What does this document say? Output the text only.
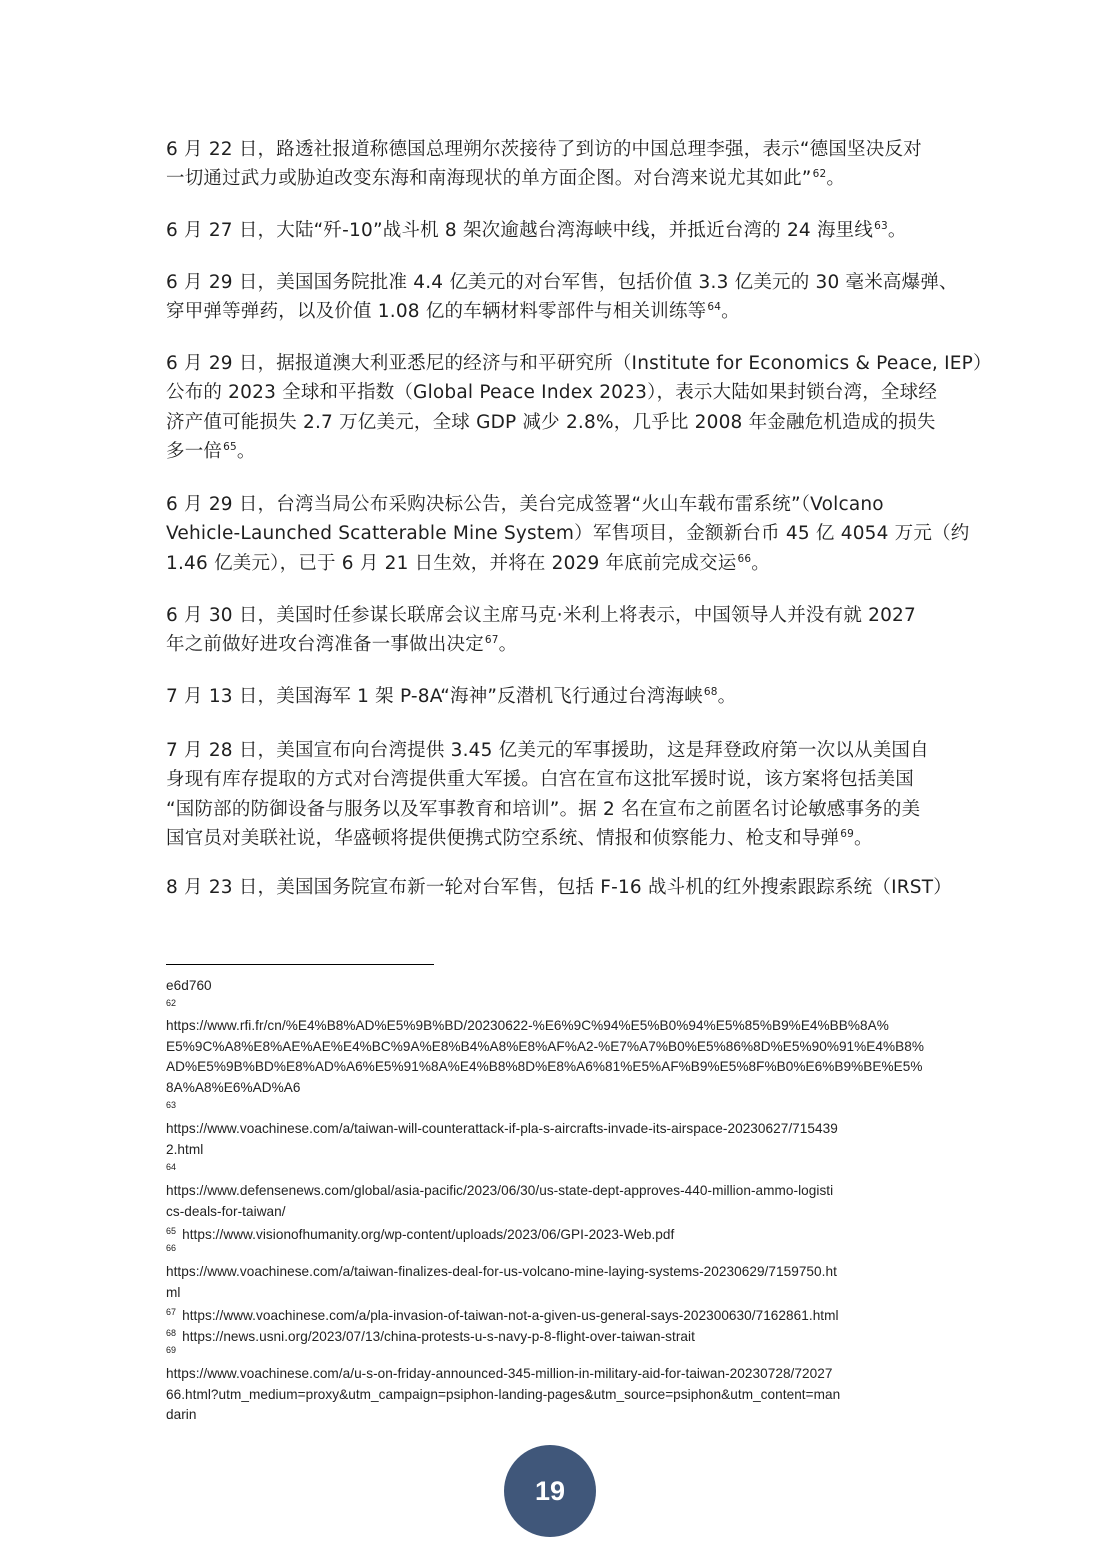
6 月 22 日，路透社报道称德国总理朔尔茨接待了到访的中国总理李强，表示“德国坚决反对
一切通过武力或胁迫改变东海和南海现状的单方面企图。对台湾来说尤其如此”$^{62}$。
6 月 27 日，大陆“歼-10”战斗机 8 架次逾越台湾海峡中线，并抵近台湾的 24 海里线$^{63}$。
6 月 29 日，美国国务院批准 4.4 亿美元的对台军售，包括价值 3.3 亿美元的 30 毫米高爆弹、
穿甲弹等弹药，以及价值 1.08 亿的车辆材料零部件与相关训练等$^{64}$。
6 月 29 日，据报道澳大利亚悉尼的经济与和平研究所（Institute for Economics & Peace, IEP）
公布的 2023 全球和平指数（Global Peace Index 2023），表示大陆如果封锁台湾，全球经
济产值可能损失 2.7 万亿美元，全球 GDP 减少 2.8%，几乎比 2008 年金融危机造成的损失
多一倍$^{65}$。
6 月 29 日，台湾当局公布采购决标公告，美台完成签署“火山车载布雷系统”（Volcano
Vehicle-Launched Scatterable Mine System）军售项目，金额新台币 45 亿 4054 万元（约
1.46 亿美元），已于 6 月 21 日生效，并将在 2029 年底前完成交运$^{66}$。
6 月 30 日，美国时任参谋长联席会议主席马克·米利上将表示，中国领导人并没有就 2027
年之前做好进攻台湾准备一事做出决定$^{67}$。
7 月 13 日，美国海军 1 架 P-8A“海神”反潜机飞行通过台湾海峡$^{68}$。
7 月 28 日，美国宣布向台湾提供 3.45 亿美元的军事援助，这是拜登政府第一次以从美国自
身现有库存提取的方式对台湾提供重大军援。白宫在宣布这批军援时说，该方案将包括美国
“国防部的防御设备与服务以及军事教育和培训”。据 2 名在宣布之前匿名讨论敏感事务的美
国官员对美联社说，华盛顿将提供便携式防空系统、情报和侦察能力、枪支和导弹$^{69}$。
8 月 23 日，美国国务院宣布新一轮对台军售，包括 F-16 战斗机的红外搜索跟踪系统（IRST）
e6d760
62
https://www.rfi.fr/cn/%E4%B8%AD%E5%9B%BD/20230622-%E6%9C%94%E5%B0%94%E5%85%B9%E4%BB%8A%
E5%9C%A8%E8%AE%AE%E4%BC%9A%E8%B4%A8%E8%AF%A2-%E7%A7%B0%E5%86%8D%E5%90%91%E4%B8%
AD%E5%9B%BD%E8%AD%A6%E5%91%8A%E4%B8%8D%E8%A6%81%E5%AF%B9%E5%8F%B0%E6%B9%BE%E5%
8A%A8%E6%AD%A6
63
https://www.voachinese.com/a/taiwan-will-counterattack-if-pla-s-aircrafts-invade-its-airspace-20230627/715439
2.html
64
https://www.defensenews.com/global/asia-pacific/2023/06/30/us-state-dept-approves-440-million-ammo-logisti
cs-deals-for-taiwan/
$^{65}$ https://www.visionofhumanity.org/wp-content/uploads/2023/06/GPI-2023-Web.pdf
66
https://www.voachinese.com/a/taiwan-finalizes-deal-for-us-volcano-mine-laying-systems-20230629/7159750.ht
ml
$^{67}$ https://www.voachinese.com/a/pla-invasion-of-taiwan-not-a-given-us-general-says-202300630/7162861.html
$^{68}$ https://news.usni.org/2023/07/13/china-protests-u-s-navy-p-8-flight-over-taiwan-strait
69
https://www.voachinese.com/a/u-s-on-friday-announced-345-million-in-military-aid-for-taiwan-20230728/72027
66.html?utm_medium=proxy&utm_campaign=psiphon-landing-pages&utm_source=psiphon&utm_content=man
darin
19
